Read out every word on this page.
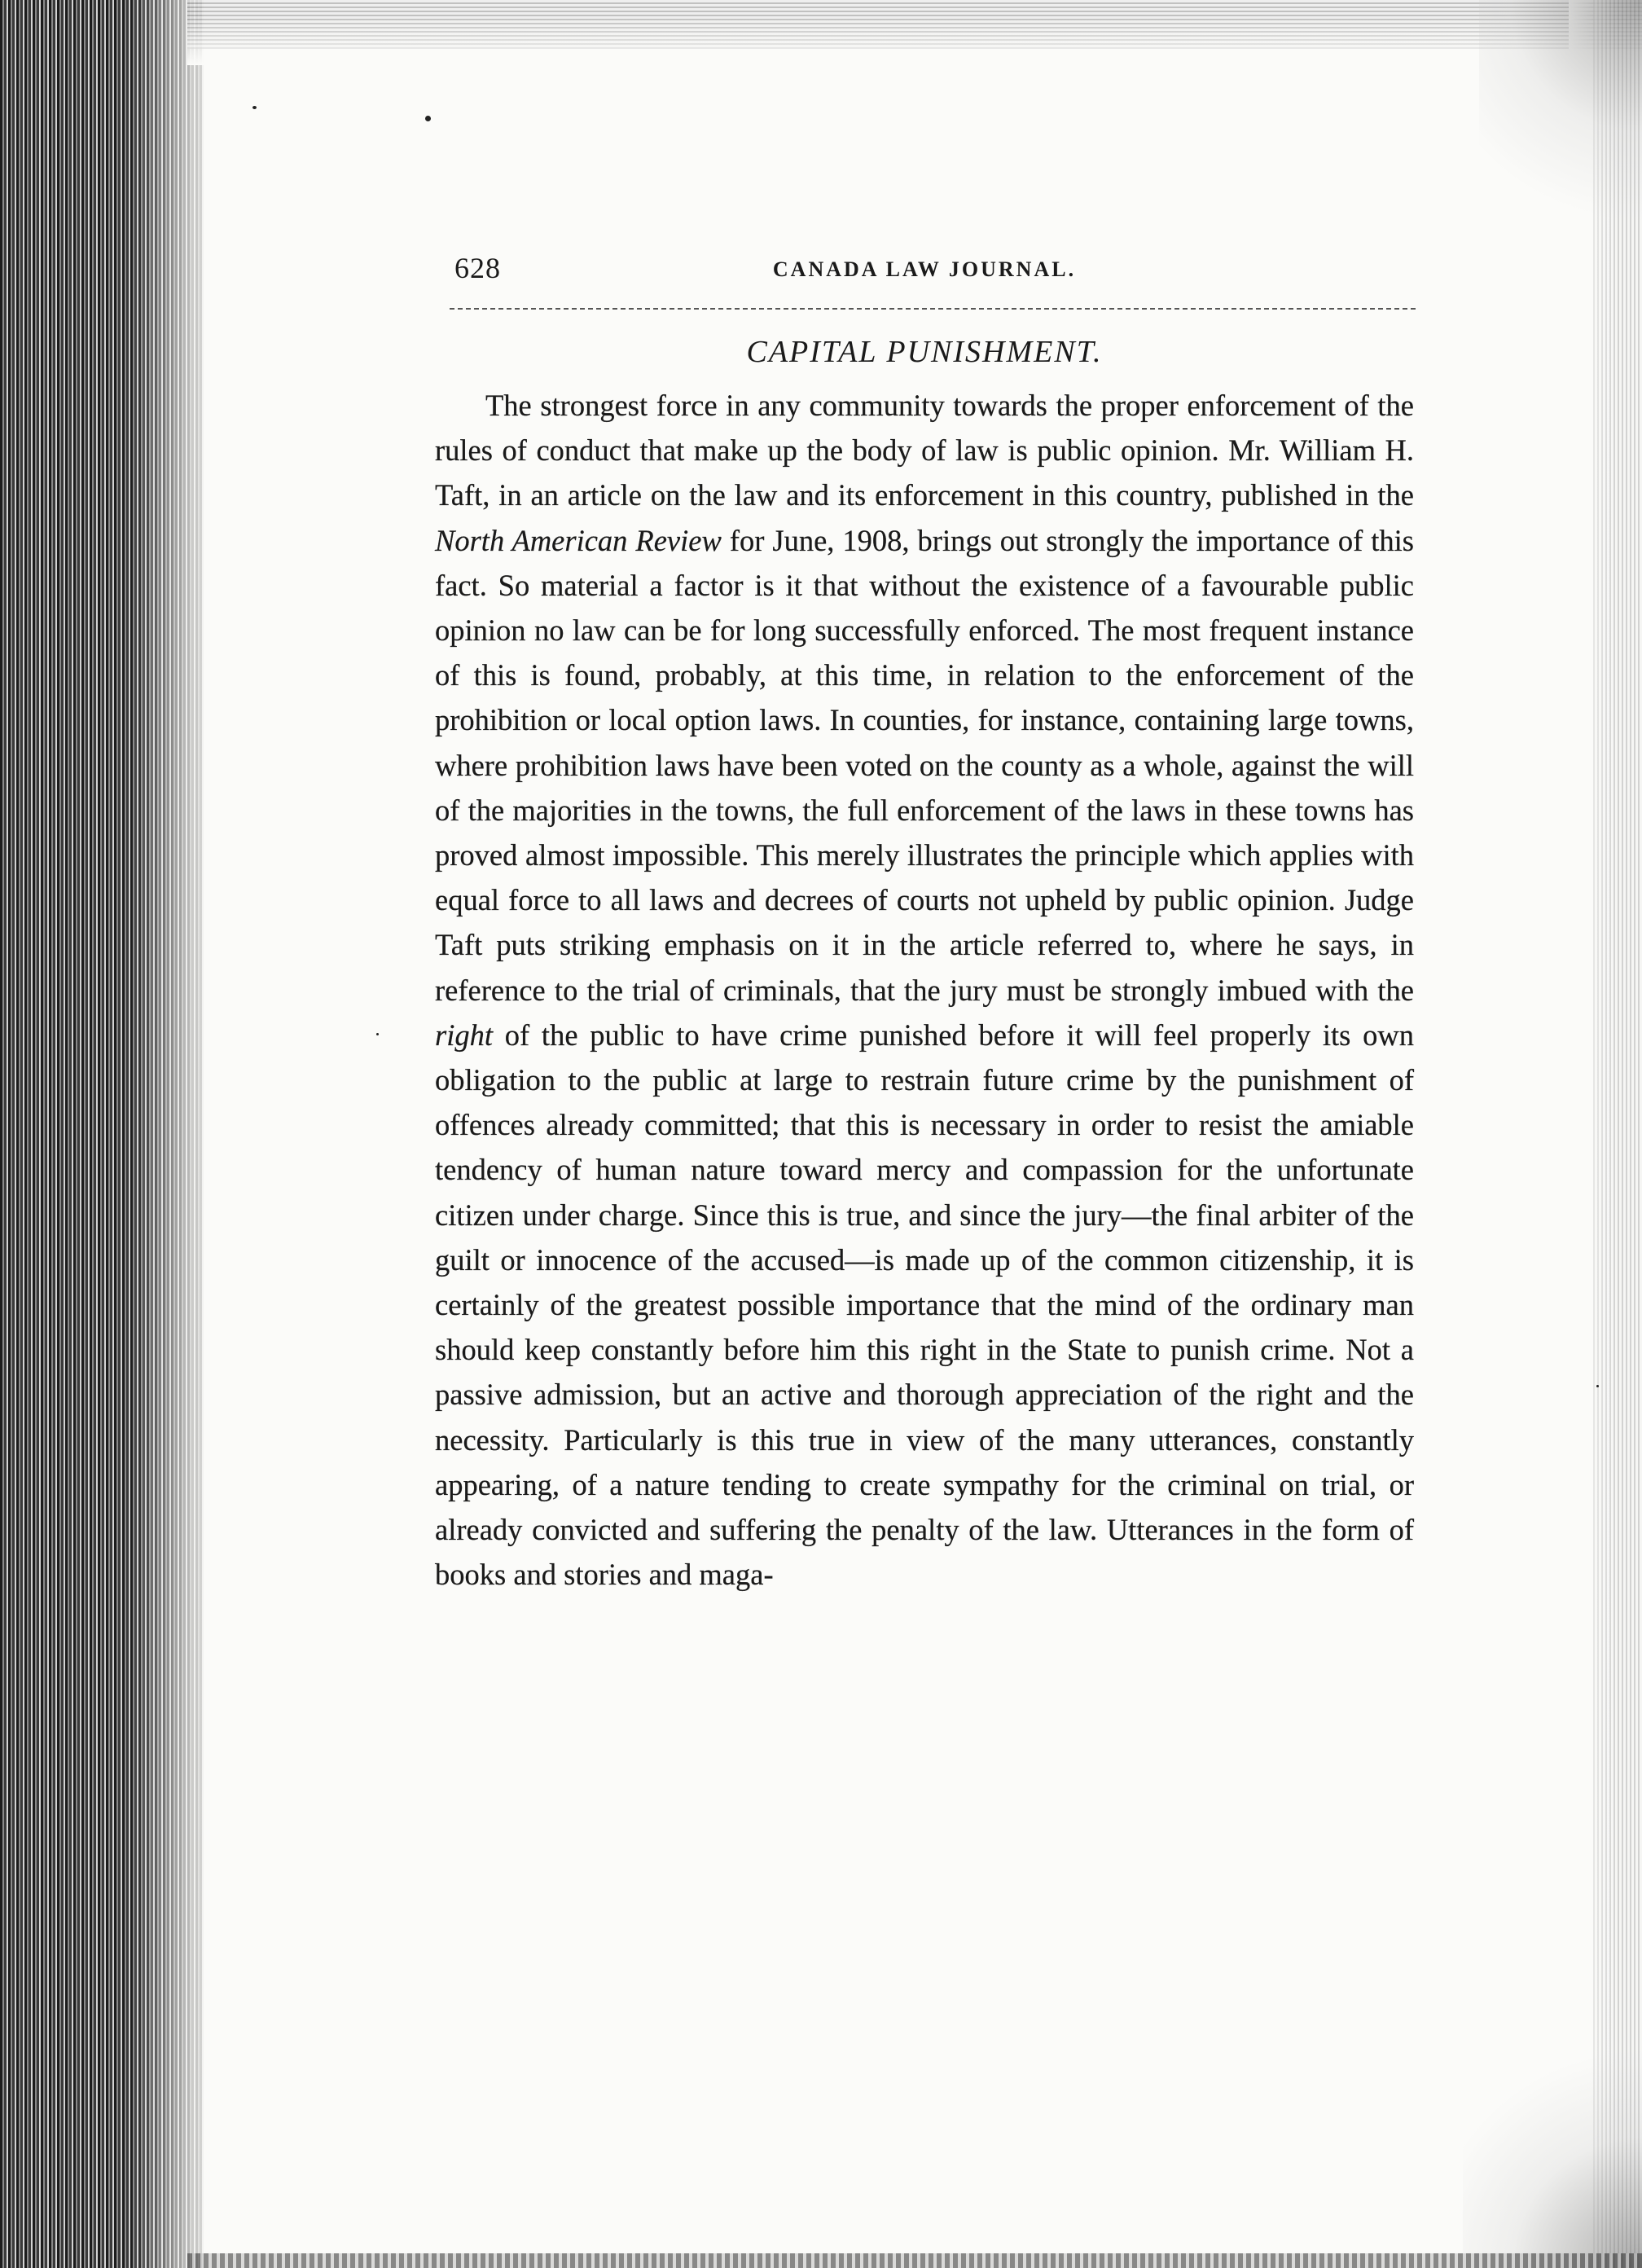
628	CANADA LAW JOURNAL.
CAPITAL PUNISHMENT.

The strongest force in any community towards the proper enforcement of the rules of conduct that make up the body of law is public opinion. Mr. William H. Taft, in an article on the law and its enforcement in this country, published in the North American Review for June, 1908, brings out strongly the importance of this fact. So material a factor is it that without the existence of a favourable public opinion no law can be for long successfully enforced. The most frequent instance of this is found, probably, at this time, in relation to the enforcement of the prohibition or local option laws. In counties, for instance, containing large towns, where prohibition laws have been voted on the county as a whole, against the will of the majorities in the towns, the full enforcement of the laws in these towns has proved almost impossible. This merely illustrates the principle which applies with equal force to all laws and decrees of courts not upheld by public opinion. Judge Taft puts striking emphasis on it in the article referred to, where he says, in reference to the trial of criminals, that the jury must be strongly imbued with the right of the public to have crime punished before it will feel properly its own obligation to the public at large to restrain future crime by the punishment of offences already committed; that this is necessary in order to resist the amiable tendency of human nature toward mercy and compassion for the unfortunate citizen under charge. Since this is true, and since the jury—the final arbiter of the guilt or innocence of the accused—is made up of the common citizenship, it is certainly of the greatest possible importance that the mind of the ordinary man should keep constantly before him this right in the State to punish crime. Not a passive admission, but an active and thorough appreciation of the right and the necessity. Particularly is this true in view of the many utterances, constantly appearing, of a nature tending to create sympathy for the criminal on trial, or already convicted and suffering the penalty of the law. Utterances in the form of books and stories and maga-
